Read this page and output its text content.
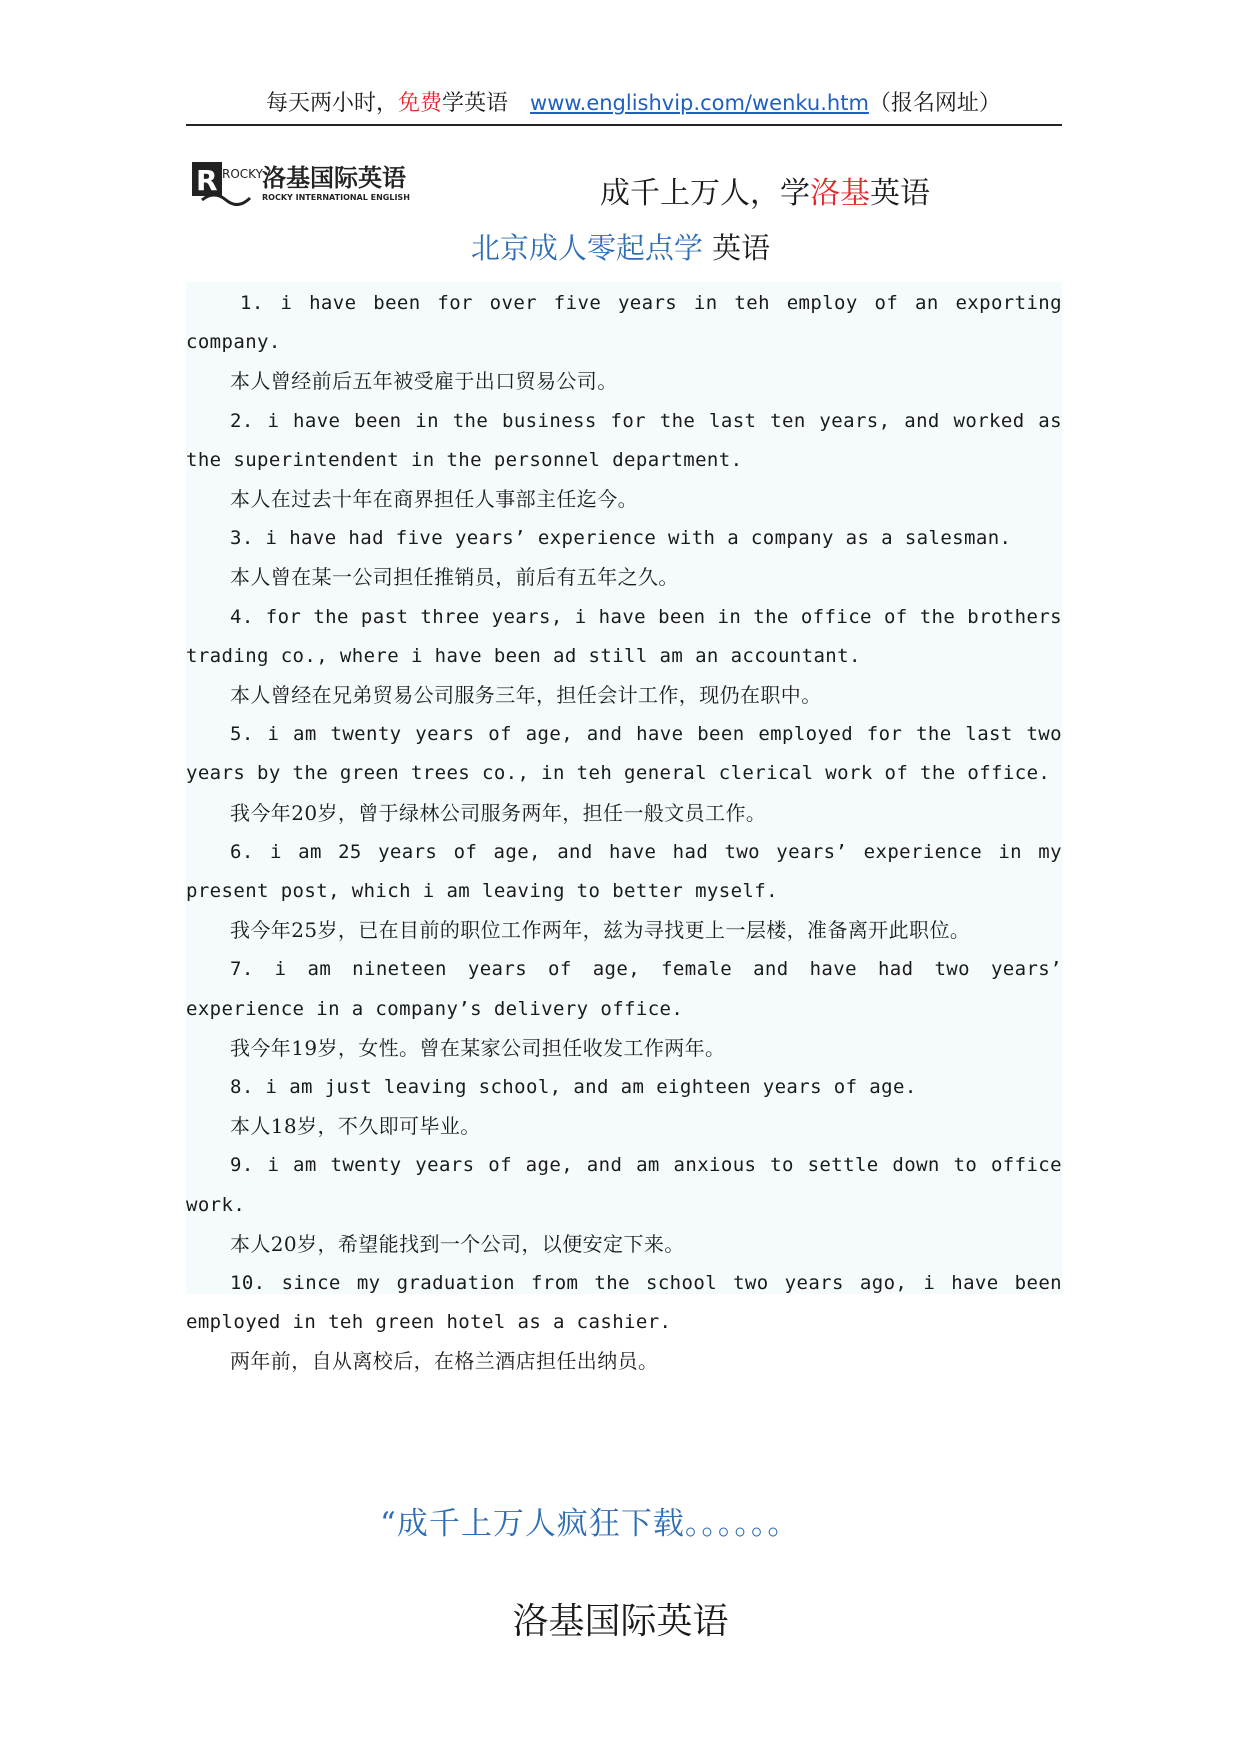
每天两小时，免费学英语 www.englishvip.com/wenku.htm（报名网址）
R ROCKY 洛基国际英语
ROCKY INTERNATIONAL ENGLISH	成千上万人，学洛基英语
北京成人零起点学 英语

1. i have been for over five years in teh employ of an exporting company.

本人曾经前后五年被受雇于出口贸易公司。

2. i have been in the business for the last ten years, and worked as the superintendent in the personnel department.

本人在过去十年在商界担任人事部主任迄今。

3. i have had five years’ experience with a company as a salesman.

本人曾在某一公司担任推销员，前后有五年之久。

4. for the past three years, i have been in the office of the brothers trading co., where i have been ad still am an accountant.

本人曾经在兄弟贸易公司服务三年，担任会计工作，现仍在职中。

5. i am twenty years of age, and have been employed for the last two years by the green trees co., in teh general clerical work of the office.

我今年20岁，曾于绿林公司服务两年，担任一般文员工作。

6. i am 25 years of age, and have had two years’ experience in my present post, which i am leaving to better myself.

我今年25岁，已在目前的职位工作两年，兹为寻找更上一层楼，准备离开此职位。

7. i am nineteen years of age, female and have had two years’ experience in a company’s delivery office.

我今年19岁，女性。曾在某家公司担任收发工作两年。

8. i am just leaving school, and am eighteen years of age.

本人18岁，不久即可毕业。

9. i am twenty years of age, and am anxious to settle down to office work.

本人20岁，希望能找到一个公司，以便安定下来。

10. since my graduation from the school two years ago, i have been employed in teh green hotel as a cashier.

两年前，自从离校后，在格兰酒店担任出纳员。

“成千上万人疯狂下载。。。。。。
洛基国际英语
